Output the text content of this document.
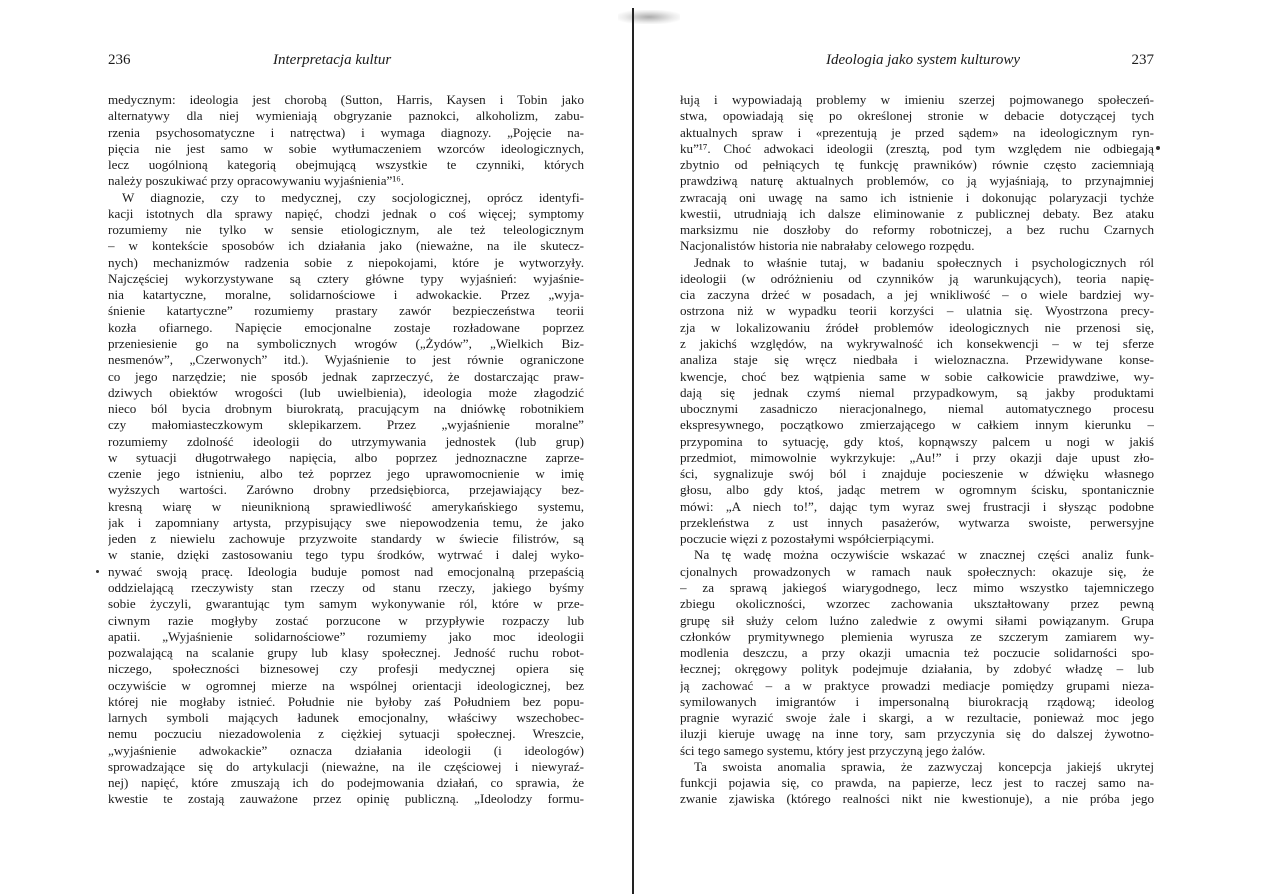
236	Interpretacja kultur
medycznym: ideologia jest chorobą (Sutton, Harris, Kaysen i Tobin jako
alternatywy dla niej wymieniają obgryzanie paznokci, alkoholizm, zabu-
rzenia psychosomatyczne i natręctwa) i wymaga diagnozy. „Pojęcie na-
pięcia nie jest samo w sobie wytłumaczeniem wzorców ideologicznych,
lecz uogólnioną kategorią obejmującą wszystkie te czynniki, których
należy poszukiwać przy opracowywaniu wyjaśnienia”¹⁶.
W diagnozie, czy to medycznej, czy socjologicznej, oprócz identyfi-
kacji istotnych dla sprawy napięć, chodzi jednak o coś więcej; symptomy
rozumiemy nie tylko w sensie etiologicznym, ale też teleologicznym
– w kontekście sposobów ich działania jako (nieważne, na ile skutecz-
nych) mechanizmów radzenia sobie z niepokojami, które je wytworzyły.
Najczęściej wykorzystywane są cztery główne typy wyjaśnień: wyjaśnie-
nia katartyczne, moralne, solidarnościowe i adwokackie. Przez „wyja-
śnienie katartyczne” rozumiemy prastary zawór bezpieczeństwa teorii
kozła ofiarnego. Napięcie emocjonalne zostaje rozładowane poprzez
przeniesienie go na symbolicznych wrogów („Żydów”, „Wielkich Biz-
nesmenów”, „Czerwonych” itd.). Wyjaśnienie to jest równie ograniczone
co jego narzędzie; nie sposób jednak zaprzeczyć, że dostarczając praw-
dziwych obiektów wrogości (lub uwielbienia), ideologia może złagodzić
nieco ból bycia drobnym biurokratą, pracującym na dniówkę robotnikiem
czy małomiasteczkowym sklepikarzem. Przez „wyjaśnienie moralne”
rozumiemy zdolność ideologii do utrzymywania jednostek (lub grup)
w sytuacji długotrwałego napięcia, albo poprzez jednoznaczne zaprze-
czenie jego istnieniu, albo też poprzez jego uprawomocnienie w imię
wyższych wartości. Zarówno drobny przedsiębiorca, przejawiający bez-
kresną wiarę w nieuniknioną sprawiedliwość amerykańskiego systemu,
jak i zapomniany artysta, przypisujący swe niepowodzenia temu, że jako
jeden z niewielu zachowuje przyzwoite standardy w świecie filistrów, są
w stanie, dzięki zastosowaniu tego typu środków, wytrwać i dalej wyko-
nywać swoją pracę. Ideologia buduje pomost nad emocjonalną przepaścią
oddzielającą rzeczywisty stan rzeczy od stanu rzeczy, jakiego byśmy
sobie życzyli, gwarantując tym samym wykonywanie ról, które w prze-
ciwnym razie mogłyby zostać porzucone w przypływie rozpaczy lub
apatii. „Wyjaśnienie solidarnościowe” rozumiemy jako moc ideologii
pozwalającą na scalanie grupy lub klasy społecznej. Jedność ruchu robot-
niczego, społeczności biznesowej czy profesji medycznej opiera się
oczywiście w ogromnej mierze na wspólnej orientacji ideologicznej, bez
której nie mogłaby istnieć. Południe nie byłoby zaś Południem bez popu-
larnych symboli mających ładunek emocjonalny, właściwy wszechobec-
nemu poczuciu niezadowolenia z ciężkiej sytuacji społecznej. Wreszcie,
„wyjaśnienie adwokackie” oznacza działania ideologii (i ideologów)
sprowadzające się do artykulacji (nieważne, na ile częściowej i niewyraź-
nej) napięć, które zmuszają ich do podejmowania działań, co sprawia, że
kwestie te zostają zauważone przez opinię publiczną. „Ideolodzy formu-
Ideologia jako system kulturowy	237
łują i wypowiadają problemy w imieniu szerzej pojmowanego społeczeń-
stwa, opowiadają się po określonej stronie w debacie dotyczącej tych
aktualnych spraw i «prezentują je przed sądem» na ideologicznym ryn-
ku”¹⁷. Choć adwokaci ideologii (zresztą, pod tym względem nie odbiegają
zbytnio od pełniących tę funkcję prawników) równie często zaciemniają
prawdziwą naturę aktualnych problemów, co ją wyjaśniają, to przynajmniej
zwracają oni uwagę na samo ich istnienie i dokonując polaryzacji tychże
kwestii, utrudniają ich dalsze eliminowanie z publicznej debaty. Bez ataku
marksizmu nie doszłoby do reformy robotniczej, a bez ruchu Czarnych
Nacjonalistów historia nie nabrałaby celowego rozpędu.
Jednak to właśnie tutaj, w badaniu społecznych i psychologicznych ról
ideologii (w odróżnieniu od czynników ją warunkujących), teoria napię-
cia zaczyna drżeć w posadach, a jej wnikliwość – o wiele bardziej wy-
ostrzona niż w wypadku teorii korzyści – ulatnia się. Wyostrzona precy-
zja w lokalizowaniu źródeł problemów ideologicznych nie przenosi się,
z jakichś względów, na wykrywalność ich konsekwencji – w tej sferze
analiza staje się wręcz niedbała i wieloznaczna. Przewidywane konse-
kwencje, choć bez wątpienia same w sobie całkowicie prawdziwe, wy-
dają się jednak czymś niemal przypadkowym, są jakby produktami
ubocznymi zasadniczo nieracjonalnego, niemal automatycznego procesu
ekspresywnego, początkowo zmierzającego w całkiem innym kierunku –
przypomina to sytuację, gdy ktoś, kopnąwszy palcem u nogi w jakiś
przedmiot, mimowolnie wykrzykuje: „Au!” i przy okazji daje upust zło-
ści, sygnalizuje swój ból i znajduje pocieszenie w dźwięku własnego
głosu, albo gdy ktoś, jadąc metrem w ogromnym ścisku, spontanicznie
mówi: „A niech to!”, dając tym wyraz swej frustracji i słysząc podobne
przekleństwa z ust innych pasażerów, wytwarza swoiste, perwersyjne
poczucie więzi z pozostałymi współcierpiącymi.
Na tę wadę można oczywiście wskazać w znacznej części analiz funk-
cjonalnych prowadzonych w ramach nauk społecznych: okazuje się, że
– za sprawą jakiegoś wiarygodnego, lecz mimo wszystko tajemniczego
zbiegu okoliczności, wzorzec zachowania ukształtowany przez pewną
grupę sił służy celom luźno zaledwie z owymi siłami powiązanym. Grupa
członków prymitywnego plemienia wyrusza ze szczerym zamiarem wy-
modlenia deszczu, a przy okazji umacnia też poczucie solidarności spo-
łecznej; okręgowy polityk podejmuje działania, by zdobyć władzę – lub
ją zachować – a w praktyce prowadzi mediacje pomiędzy grupami nieza-
symilowanych imigrantów i impersonalną biurokracją rządową; ideolog
pragnie wyrazić swoje żale i skargi, a w rezultacie, ponieważ moc jego
iluzji kieruje uwagę na inne tory, sam przyczynia się do dalszej żywotno-
ści tego samego systemu, który jest przyczyną jego żalów.
Ta swoista anomalia sprawia, że zazwyczaj koncepcja jakiejś ukrytej
funkcji pojawia się, co prawda, na papierze, lecz jest to raczej samo na-
zwanie zjawiska (którego realności nikt nie kwestionuje), a nie próba jego
